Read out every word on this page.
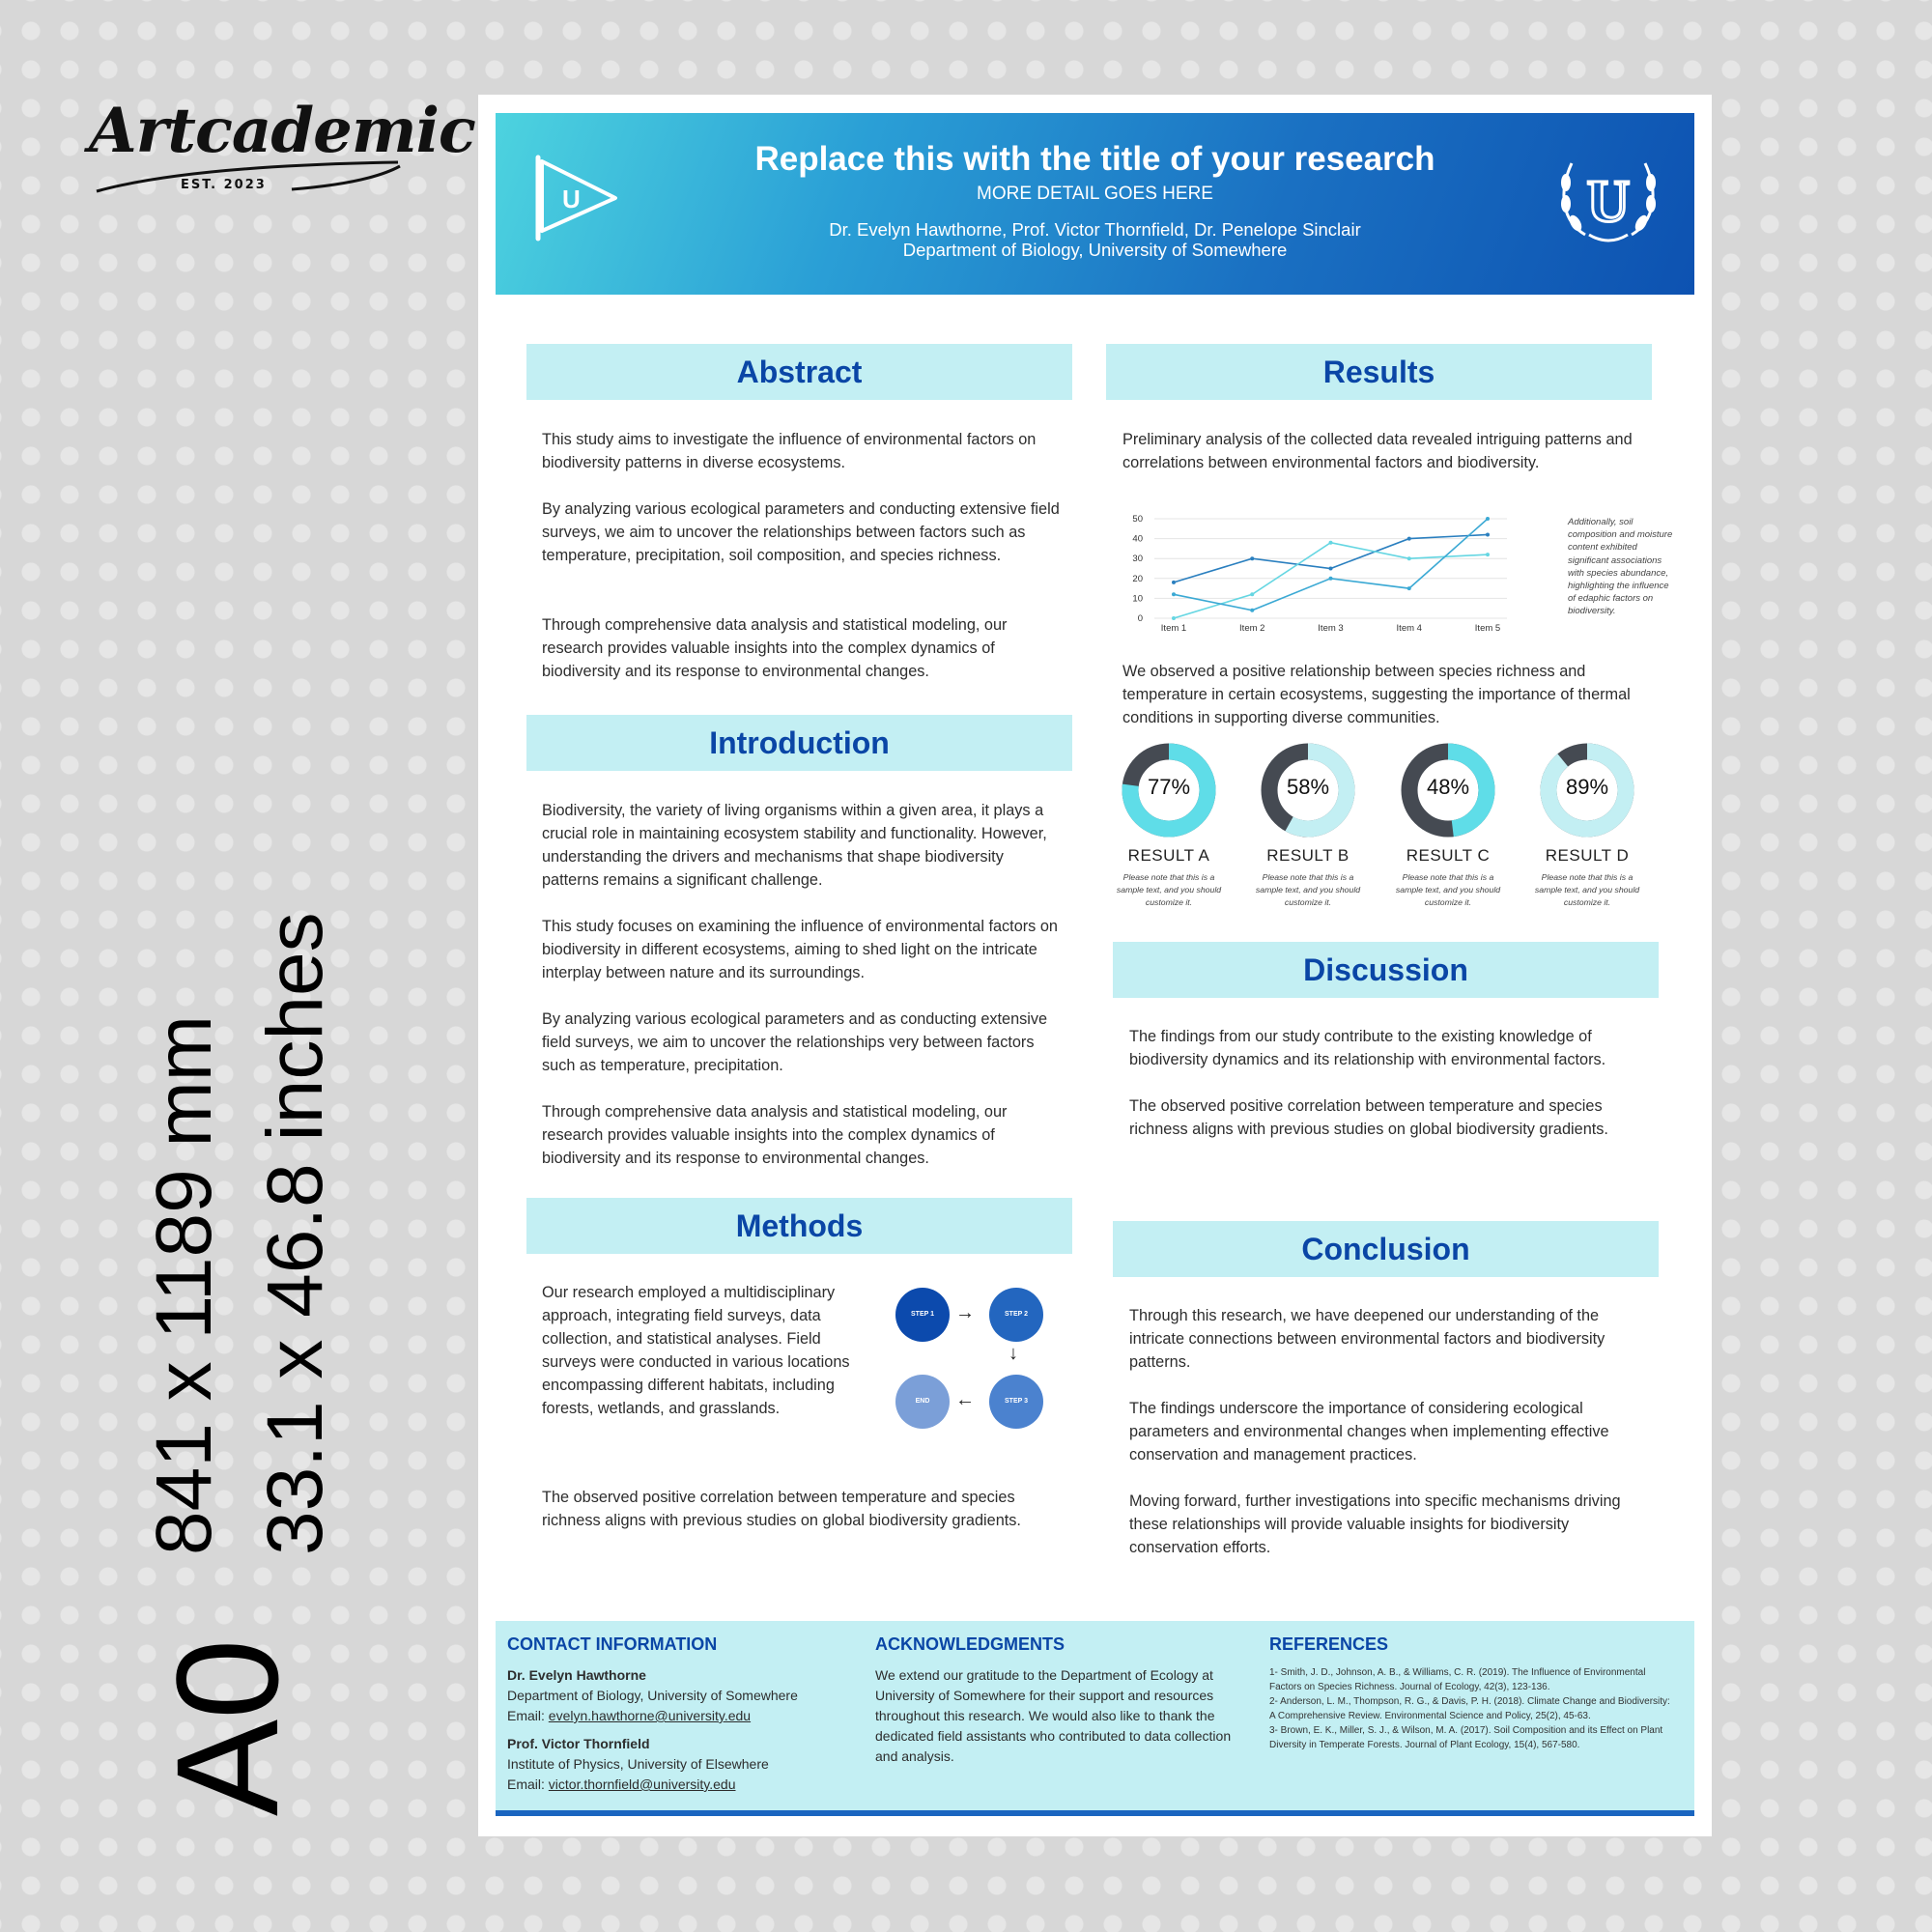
Artcademic
EST. 2023
A0
841 x 1189 mm 33.1 x 46.8 inches
U
Replace this with the title of your research
MORE DETAIL GOES HERE
Dr. Evelyn Hawthorne, Prof. Victor Thornfield, Dr. Penelope Sinclair
Department of Biology, University of Somewhere
U
Abstract
This study aims to investigate the influence of environmental factors on biodiversity patterns in diverse ecosystems.
By analyzing various ecological parameters and conducting extensive field surveys, we aim to uncover the relationships between factors such as temperature, precipitation, soil composition, and species richness.
Through comprehensive data analysis and statistical modeling, our research provides valuable insights into the complex dynamics of biodiversity and its response to environmental changes.
Introduction
Biodiversity, the variety of living organisms within a given area, it plays a crucial role in maintaining ecosystem stability and functionality. However, understanding the drivers and mechanisms that shape biodiversity patterns remains a significant challenge.
This study focuses on examining the influence of environmental factors on biodiversity in different ecosystems, aiming to shed light on the intricate interplay between nature and its surroundings.
By analyzing various ecological parameters and as conducting extensive field surveys, we aim to uncover the relationships very between factors such as temperature, precipitation.
Through comprehensive data analysis and statistical modeling, our research provides valuable insights into the complex dynamics of biodiversity and its response to environmental changes.
Methods
Our research employed a multidisciplinary approach, integrating field surveys, data collection, and statistical analyses. Field surveys were conducted in various locations encompassing different habitats, including forests, wetlands, and grasslands.
STEP 1	STEP 2
STEP 3
END
→
↓
←
The observed positive correlation between temperature and species richness aligns with previous studies on global biodiversity gradients.
Results
Preliminary analysis of the collected data revealed intriguing patterns and correlations between environmental factors and biodiversity.
0
10
20
30
40
50
Item 1	Item 2	Item 3	Item 4	Item 5
Additionally, soil composition and moisture content exhibited significant associations with species abundance, highlighting the influence of edaphic factors on biodiversity.
We observed a positive relationship between species richness and temperature in certain ecosystems, suggesting the importance of thermal conditions in supporting diverse communities.
77%
RESULT A
Please note that this is a sample text, and you should customize it.
58%
RESULT B
Please note that this is a sample text, and you should customize it.
48%
RESULT C
Please note that this is a sample text, and you should customize it.
89%
RESULT D
Please note that this is a sample text, and you should customize it.
Discussion
The findings from our study contribute to the existing knowledge of biodiversity dynamics and its relationship with environmental factors.
The observed positive correlation between temperature and species richness aligns with previous studies on global biodiversity gradients.
Conclusion
Through this research, we have deepened our understanding of the intricate connections between environmental factors and biodiversity patterns.
The findings underscore the importance of considering ecological parameters and environmental changes when implementing effective conservation and management practices.
Moving forward, further investigations into specific mechanisms driving these relationships will provide valuable insights for biodiversity conservation efforts.
CONTACT INFORMATION
Dr. Evelyn Hawthorne
Department of Biology, University of Somewhere
Email: evelyn.hawthorne@university.edu
Prof. Victor Thornfield
Institute of Physics, University of Elsewhere
Email: victor.thornfield@university.edu
ACKNOWLEDGMENTS
We extend our gratitude to the Department of Ecology at University of Somewhere for their support and resources throughout this research. We would also like to thank the dedicated field assistants who contributed to data collection and analysis.
REFERENCES
1- Smith, J. D., Johnson, A. B., & Williams, C. R. (2019). The Influence of Environmental Factors on Species Richness. Journal of Ecology, 42(3), 123-136.
2- Anderson, L. M., Thompson, R. G., & Davis, P. H. (2018). Climate Change and Biodiversity: A Comprehensive Review. Environmental Science and Policy, 25(2), 45-63.
3- Brown, E. K., Miller, S. J., & Wilson, M. A. (2017). Soil Composition and its Effect on Plant Diversity in Temperate Forests. Journal of Plant Ecology, 15(4), 567-580.
